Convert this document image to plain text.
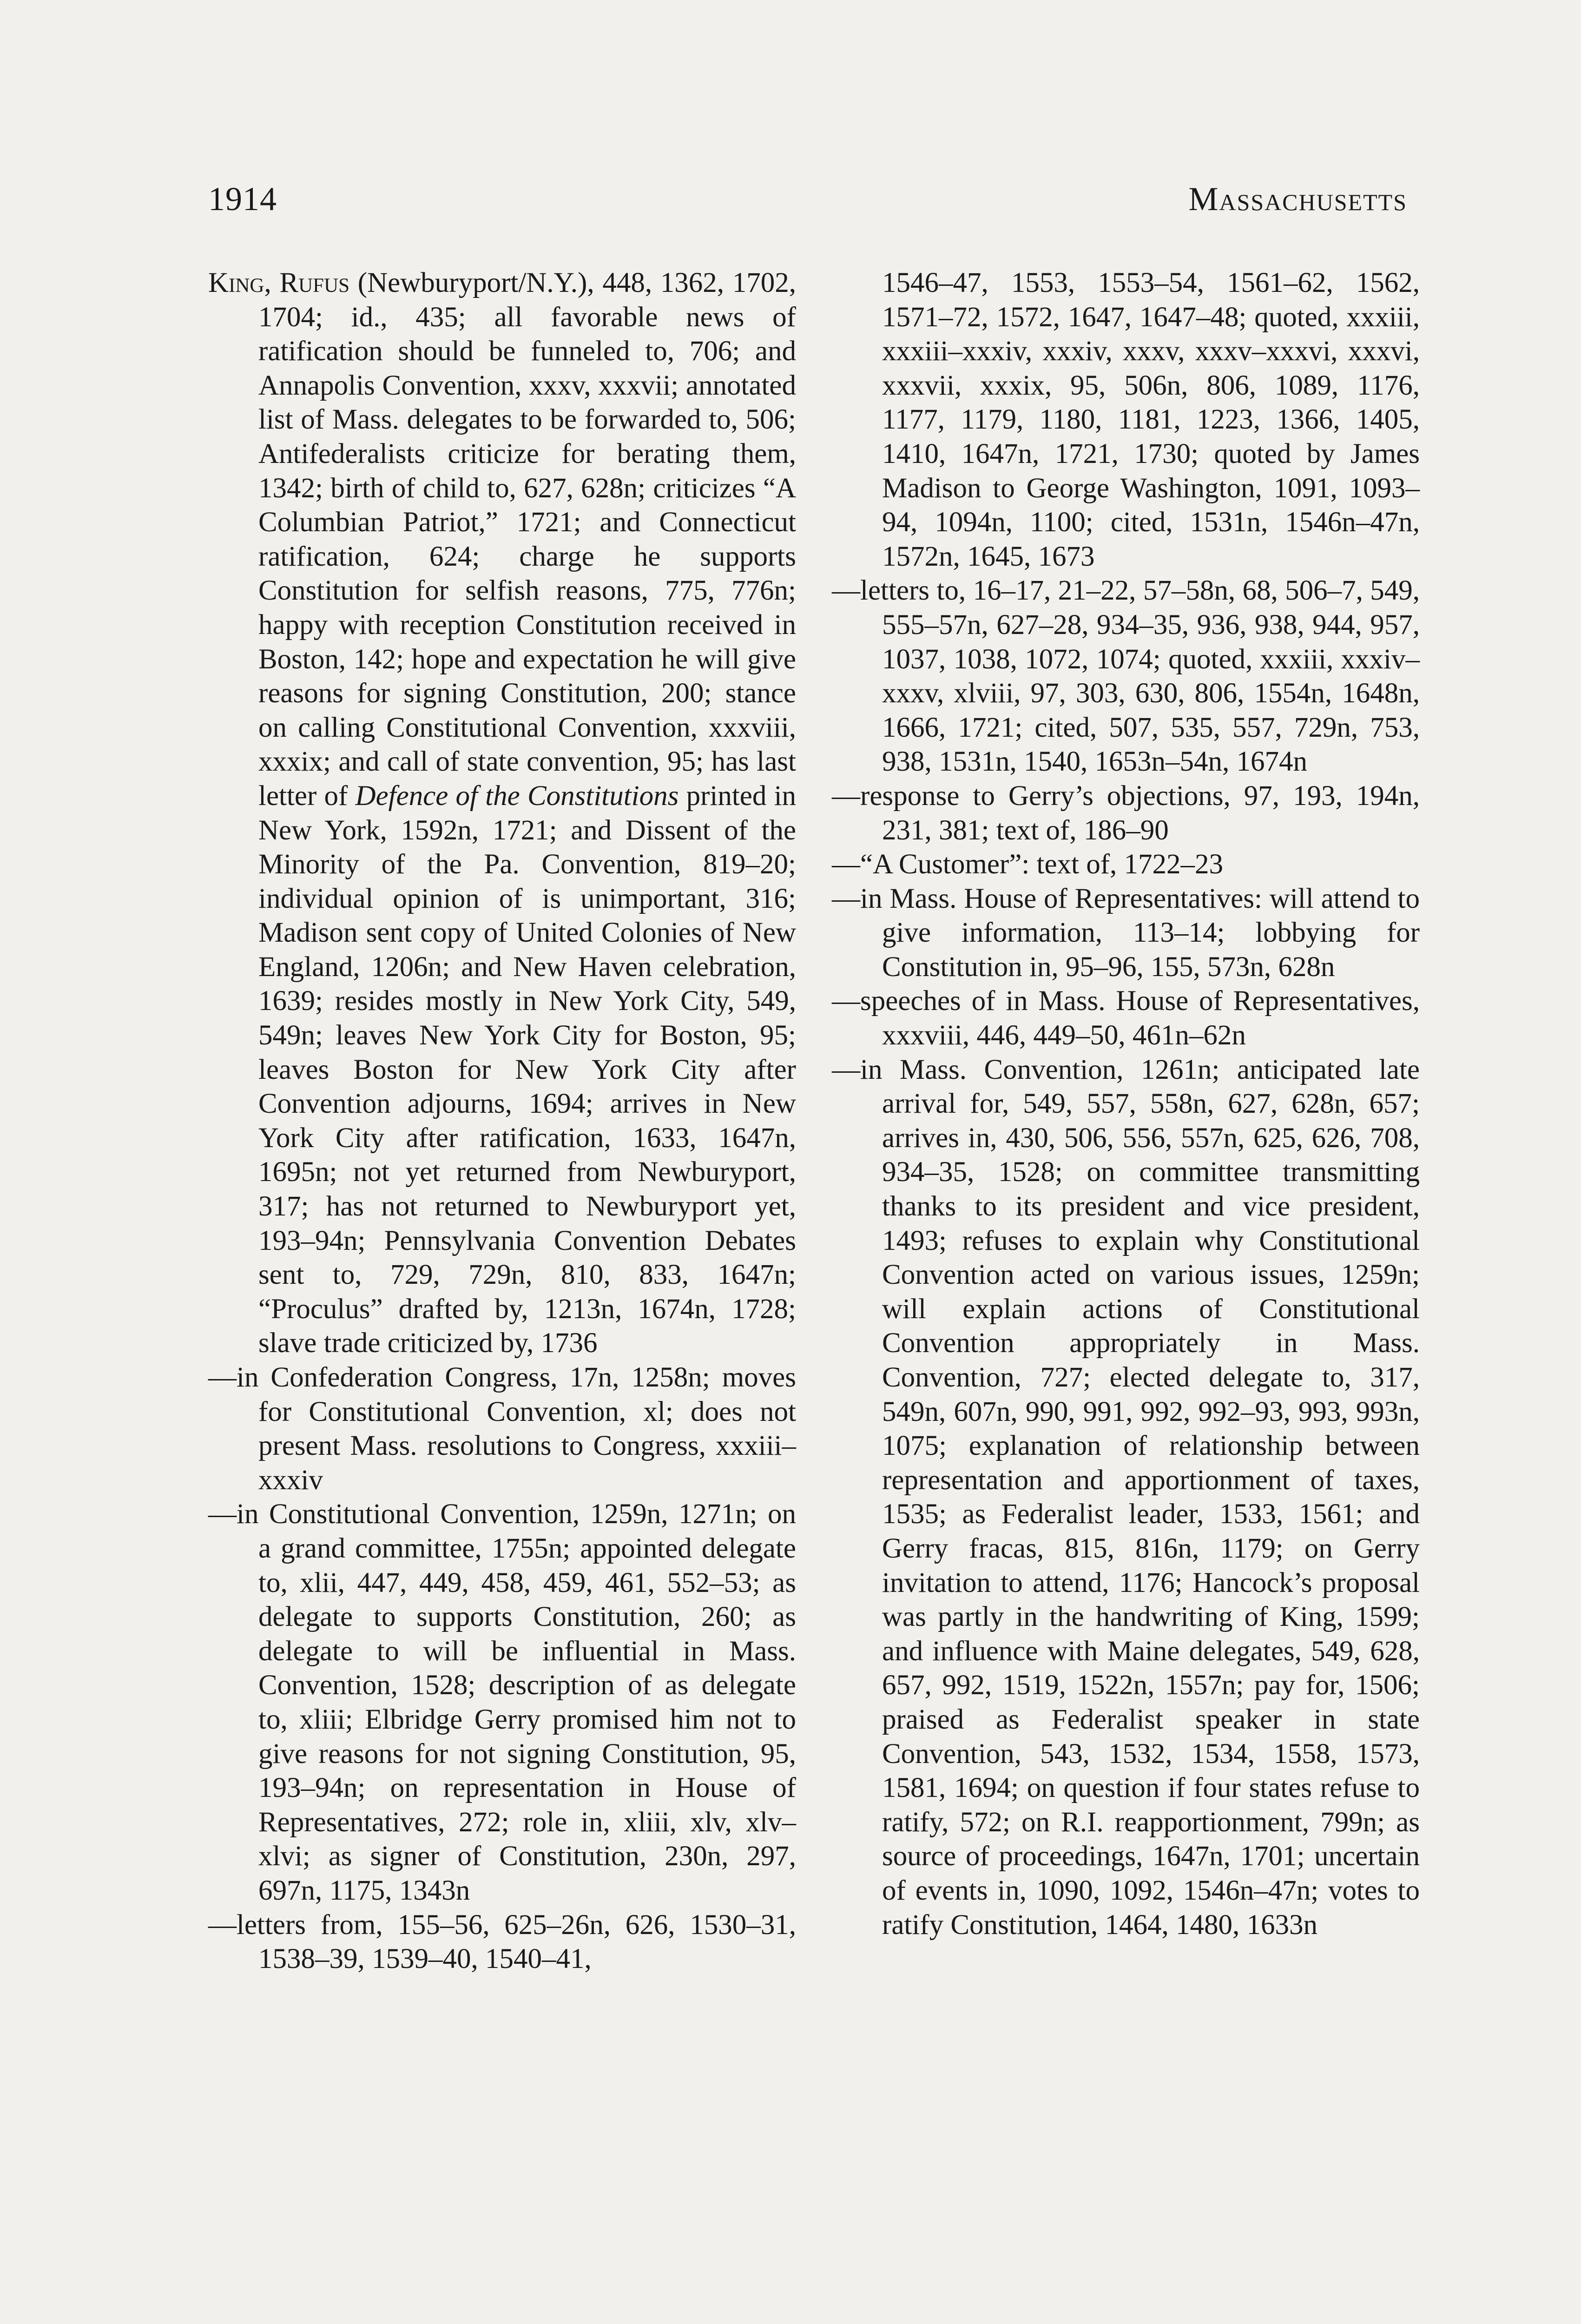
1914	Massachusetts

King, Rufus (Newburyport/N.Y.), 448, 1362, 1702, 1704; id., 435; all favorable news of ratification should be funneled to, 706; and Annapolis Convention, xxxv, xxxvii; annotated list of Mass. delegates to be forwarded to, 506; Antifederalists criticize for berating them, 1342; birth of child to, 627, 628n; criticizes “A Columbian Patriot,” 1721; and Connecticut ratification, 624; charge he supports Constitution for selfish reasons, 775, 776n; happy with reception Constitution received in Boston, 142; hope and expectation he will give reasons for signing Constitution, 200; stance on calling Constitutional Convention, xxxviii, xxxix; and call of state convention, 95; has last letter of Defence of the Constitutions printed in New York, 1592n, 1721; and Dissent of the Minority of the Pa. Convention, 819–20; individual opinion of is unimportant, 316; Madison sent copy of United Colonies of New England, 1206n; and New Haven celebration, 1639; resides mostly in New York City, 549, 549n; leaves New York City for Boston, 95; leaves Boston for New York City after Convention adjourns, 1694; arrives in New York City after ratification, 1633, 1647n, 1695n; not yet returned from Newburyport, 317; has not returned to Newburyport yet, 193–94n; Pennsylvania Convention Debates sent to, 729, 729n, 810, 833, 1647n; “Proculus” drafted by, 1213n, 1674n, 1728; slave trade criticized by, 1736

—in Confederation Congress, 17n, 1258n; moves for Constitutional Convention, xl; does not present Mass. resolutions to Congress, xxxiii–xxxiv

—in Constitutional Convention, 1259n, 1271n; on a grand committee, 1755n; appointed delegate to, xlii, 447, 449, 458, 459, 461, 552–53; as delegate to supports Constitution, 260; as delegate to will be influential in Mass. Convention, 1528; description of as delegate to, xliii; Elbridge Gerry promised him not to give reasons for not signing Constitution, 95, 193–94n; on representation in House of Representatives, 272; role in, xliii, xlv, xlv–xlvi; as signer of Constitution, 230n, 297, 697n, 1175, 1343n

—letters from, 155–56, 625–26n, 626, 1530–31, 1538–39, 1539–40, 1540–41,

1546–47, 1553, 1553–54, 1561–62, 1562, 1571–72, 1572, 1647, 1647–48; quoted, xxxiii, xxxiii–xxxiv, xxxiv, xxxv, xxxv–xxxvi, xxxvi, xxxvii, xxxix, 95, 506n, 806, 1089, 1176, 1177, 1179, 1180, 1181, 1223, 1366, 1405, 1410, 1647n, 1721, 1730; quoted by James Madison to George Washington, 1091, 1093–94, 1094n, 1100; cited, 1531n, 1546n–47n, 1572n, 1645, 1673

—letters to, 16–17, 21–22, 57–58n, 68, 506–7, 549, 555–57n, 627–28, 934–35, 936, 938, 944, 957, 1037, 1038, 1072, 1074; quoted, xxxiii, xxxiv–xxxv, xlviii, 97, 303, 630, 806, 1554n, 1648n, 1666, 1721; cited, 507, 535, 557, 729n, 753, 938, 1531n, 1540, 1653n–54n, 1674n

—response to Gerry’s objections, 97, 193, 194n, 231, 381; text of, 186–90

—“A Customer”: text of, 1722–23

—in Mass. House of Representatives: will attend to give information, 113–14; lobbying for Constitution in, 95–96, 155, 573n, 628n

—speeches of in Mass. House of Representatives, xxxviii, 446, 449–50, 461n–62n

—in Mass. Convention, 1261n; anticipated late arrival for, 549, 557, 558n, 627, 628n, 657; arrives in, 430, 506, 556, 557n, 625, 626, 708, 934–35, 1528; on committee transmitting thanks to its president and vice president, 1493; refuses to explain why Constitutional Convention acted on various issues, 1259n; will explain actions of Constitutional Convention appropriately in Mass. Convention, 727; elected delegate to, 317, 549n, 607n, 990, 991, 992, 992–93, 993, 993n, 1075; explanation of relationship between representation and apportionment of taxes, 1535; as Federalist leader, 1533, 1561; and Gerry fracas, 815, 816n, 1179; on Gerry invitation to attend, 1176; Hancock’s proposal was partly in the handwriting of King, 1599; and influence with Maine delegates, 549, 628, 657, 992, 1519, 1522n, 1557n; pay for, 1506; praised as Federalist speaker in state Convention, 543, 1532, 1534, 1558, 1573, 1581, 1694; on question if four states refuse to ratify, 572; on R.I. reapportionment, 799n; as source of proceedings, 1647n, 1701; uncertain of events in, 1090, 1092, 1546n–47n; votes to ratify Constitution, 1464, 1480, 1633n
